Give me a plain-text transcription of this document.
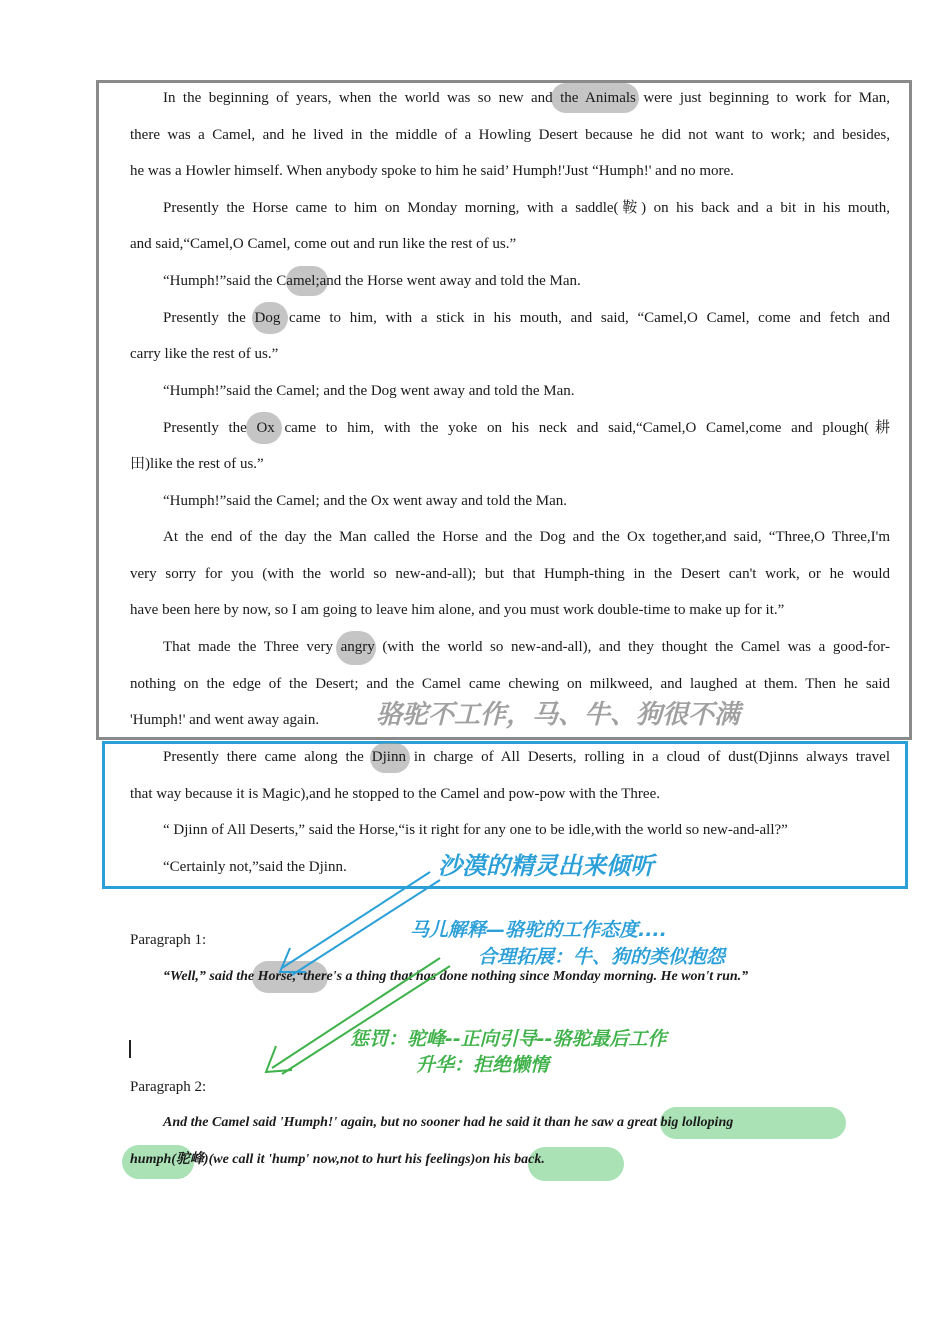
In the beginning of years, when the world was so new and the Animals were just beginning to work for Man,

there was a Camel, and he lived in the middle of a Howling Desert because he did not want to work; and besides,

he was a Howler himself. When anybody spoke to him he said’ Humph!'Just “Humph!' and no more.

Presently the Horse came to him on Monday morning, with a saddle(鞍) on his back and a bit in his mouth,

and said,“Camel,O Camel, come out and run like the rest of us.”

“Humph!”said the Camel;and the Horse went away and told the Man.

Presently the Dog came to him, with a stick in his mouth, and said, “Camel,O Camel, come and fetch and

carry like the rest of us.”

“Humph!”said the Camel; and the Dog went away and told the Man.

Presently the Ox came to him, with the yoke on his neck and said,“Camel,O Camel,come and plough(耕

田)like the rest of us.”

“Humph!”said the Camel; and the Ox went away and told the Man.

At the end of the day the Man called the Horse and the Dog and the Ox together,and said, “Three,O Three,I'm

very sorry for you (with the world so new-and-all); but that Humph-thing in the Desert can't work, or he would

have been here by now, so I am going to leave him alone, and you must work double-time to make up for it.”

That made the Three very angry (with the world so new-and-all), and they thought the Camel was a good-for-

nothing on the edge of the Desert; and the Camel came chewing on milkweed, and laughed at them. Then he said

'Humph!' and went away again.

Presently there came along the Djinn in charge of All Deserts, rolling in a cloud of dust(Djinns always travel

that way because it is Magic),and he stopped to the Camel and pow-pow with the Three.

“ Djinn of All Deserts,” said the Horse,“is it right for any one to be idle,with the world so new-and-all?”

“Certainly not,”said the Djinn.

骆驼不工作，马、牛、狗很不满
沙漠的精灵出来倾听
马儿解释—骆驼的工作态度....
合理拓展：牛、狗的类似抱怨
惩罚：驼峰--正向引导--骆驼最后工作
升华：拒绝懒惰

Paragraph 1:

“Well,” said the Horse,“there's a thing that has done nothing since Monday morning. He won't run.”

Paragraph 2:

And the Camel said 'Humph!' again, but no sooner had he said it than he saw a great big lolloping

humph(驼峰)(we call it 'hump' now,not to hurt his feelings)on his back.
